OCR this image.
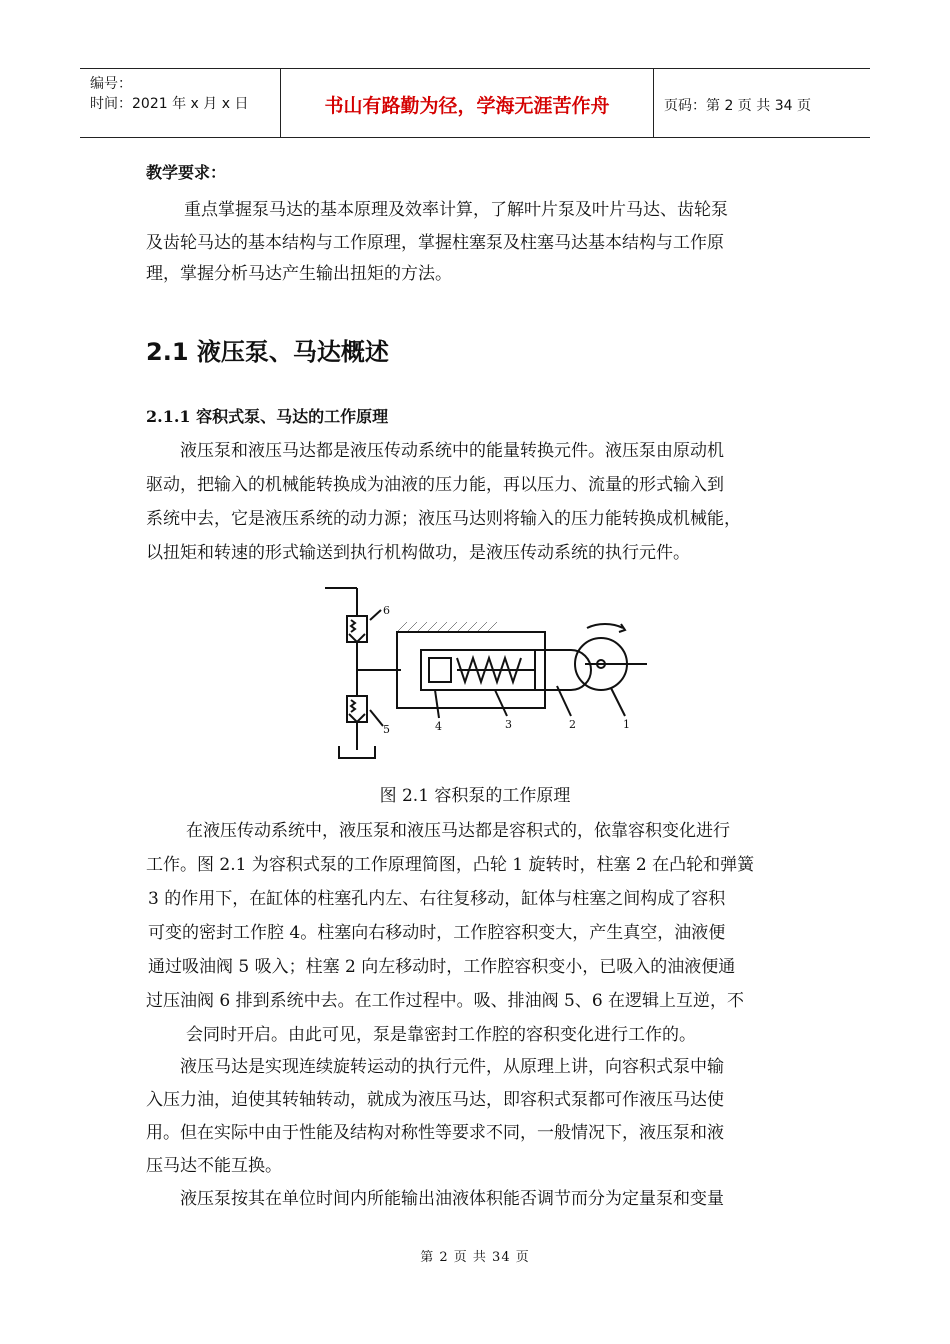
编号：
时间：2021 年 x 月 x 日	书山有路勤为径，学海无涯苦作舟	页码：第 2 页 共 34 页
教学要求：
重点掌握泵马达的基本原理及效率计算，了解叶片泵及叶片马达、齿轮泵
及齿轮马达的基本结构与工作原理，掌握柱塞泵及柱塞马达基本结构与工作原
理，掌握分析马达产生输出扭矩的方法。
2.1 液压泵、马达概述
2.1.1 容积式泵、马达的工作原理
液压泵和液压马达都是液压传动系统中的能量转换元件。液压泵由原动机
驱动，把输入的机械能转换成为油液的压力能，再以压力、流量的形式输入到
系统中去，它是液压系统的动力源；液压马达则将输入的压力能转换成机械能，
以扭矩和转速的形式输送到执行机构做功，是液压传动系统的执行元件。
6
5	4	3	2	1
图 2.1 容积泵的工作原理
在液压传动系统中，液压泵和液压马达都是容积式的，依靠容积变化进行
工作。图 2.1 为容积式泵的工作原理简图，凸轮 1 旋转时，柱塞 2 在凸轮和弹簧
3 的作用下，在缸体的柱塞孔内左、右往复移动，缸体与柱塞之间构成了容积
可变的密封工作腔 4。柱塞向右移动时，工作腔容积变大，产生真空，油液便
通过吸油阀 5 吸入；柱塞 2 向左移动时，工作腔容积变小，已吸入的油液便通
过压油阀 6 排到系统中去。在工作过程中。吸、排油阀 5、6 在逻辑上互逆，不
会同时开启。由此可见，泵是靠密封工作腔的容积变化进行工作的。
液压马达是实现连续旋转运动的执行元件，从原理上讲，向容积式泵中输
入压力油，迫使其转轴转动，就成为液压马达，即容积式泵都可作液压马达使
用。但在实际中由于性能及结构对称性等要求不同，一般情况下，液压泵和液
压马达不能互换。
液压泵按其在单位时间内所能输出油液体积能否调节而分为定量泵和变量
第 2 页 共 34 页
